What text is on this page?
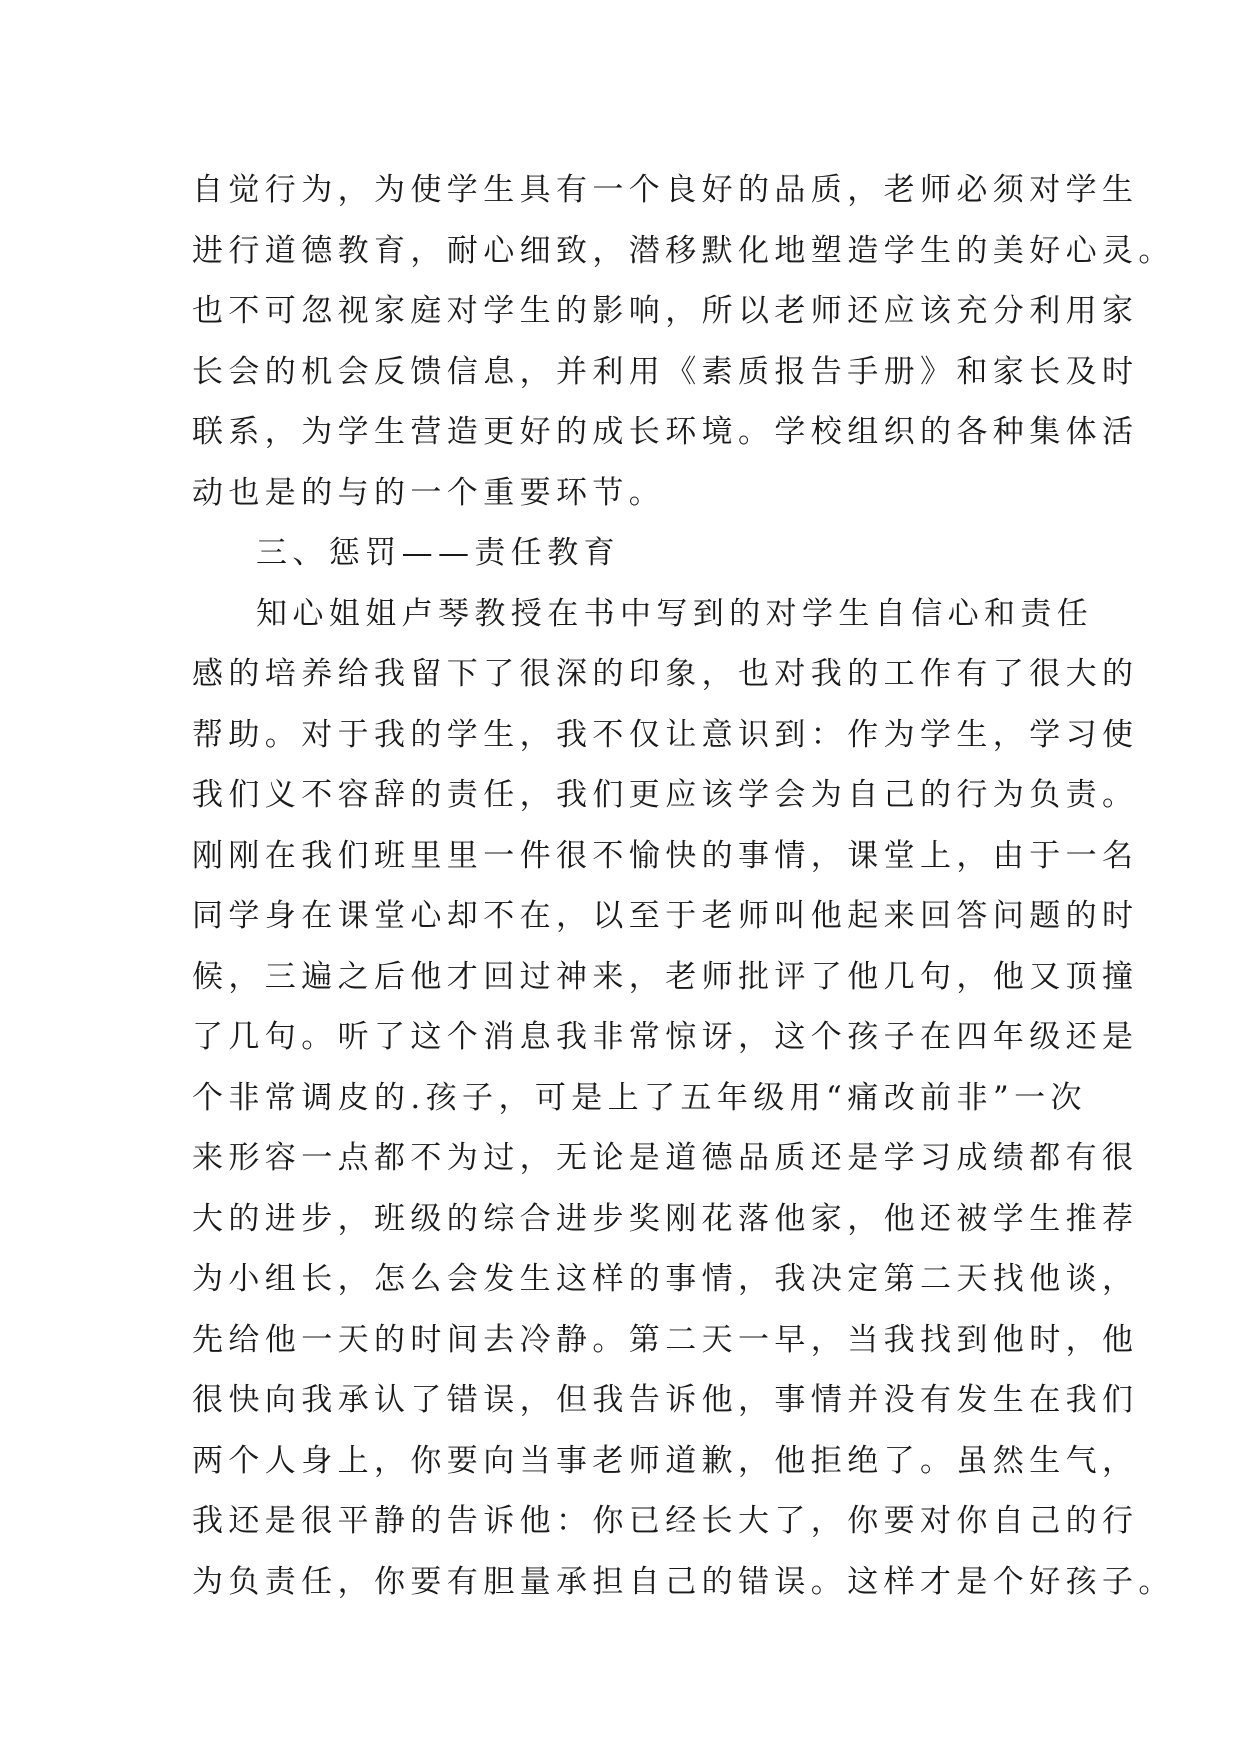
自觉行为，为使学生具有一个良好的品质，老师必须对学生
进行道德教育，耐心细致，潜移默化地塑造学生的美好心灵。
也不可忽视家庭对学生的影响，所以老师还应该充分利用家
长会的机会反馈信息，并利用《素质报告手册》和家长及时
联系，为学生营造更好的成长环境。学校组织的各种集体活
动也是的与的一个重要环节。
三、惩罚——责任教育
知心姐姐卢琴教授在书中写到的对学生自信心和责任
感的培养给我留下了很深的印象，也对我的工作有了很大的
帮助。对于我的学生，我不仅让意识到：作为学生，学习使
我们义不容辞的责任，我们更应该学会为自己的行为负责。
刚刚在我们班里里一件很不愉快的事情，课堂上，由于一名
同学身在课堂心却不在，以至于老师叫他起来回答问题的时
候，三遍之后他才回过神来，老师批评了他几句，他又顶撞
了几句。听了这个消息我非常惊讶，这个孩子在四年级还是
个非常调皮的.孩子，可是上了五年级用“痛改前非”一次
来形容一点都不为过，无论是道德品质还是学习成绩都有很
大的进步，班级的综合进步奖刚花落他家，他还被学生推荐
为小组长，怎么会发生这样的事情，我决定第二天找他谈，
先给他一天的时间去冷静。第二天一早，当我找到他时，他
很快向我承认了错误，但我告诉他，事情并没有发生在我们
两个人身上，你要向当事老师道歉，他拒绝了。虽然生气，
我还是很平静的告诉他：你已经长大了，你要对你自己的行
为负责任，你要有胆量承担自己的错误。这样才是个好孩子。
